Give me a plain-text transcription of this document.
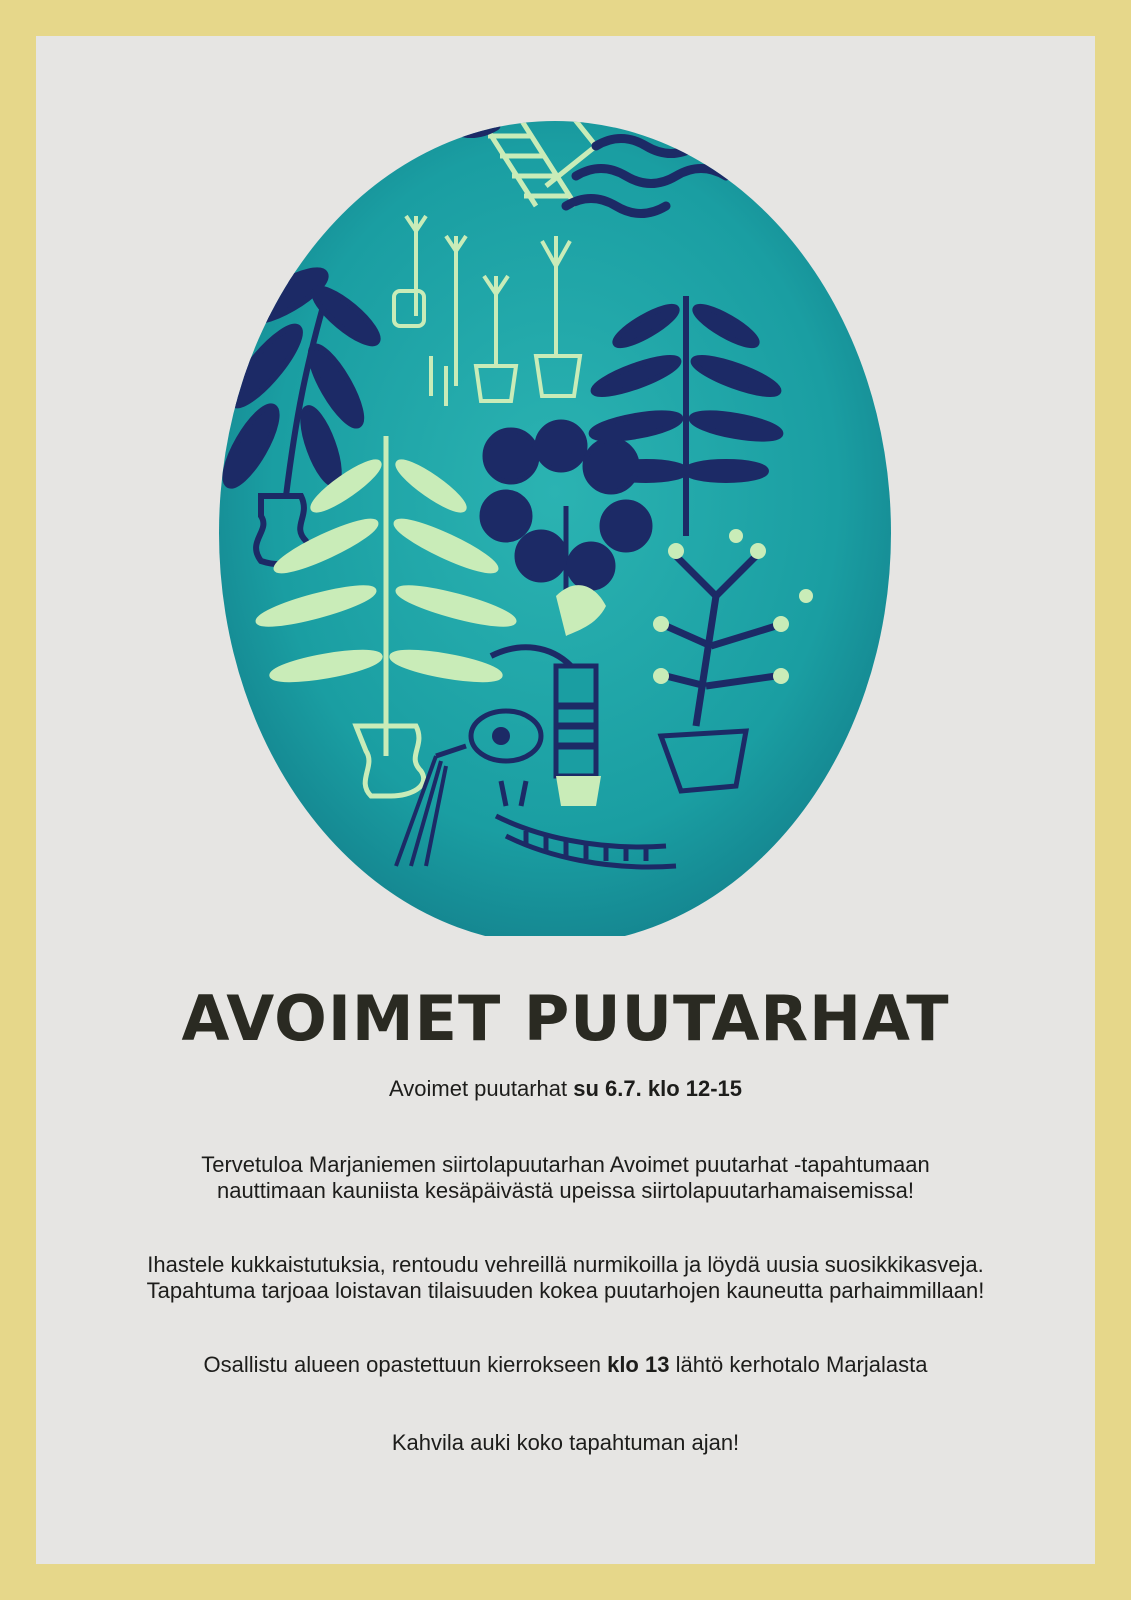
AVOIMET PUUTARHAT
Avoimet puutarhat su 6.7. klo 12-15
Tervetuloa Marjaniemen siirtolapuutarhan Avoimet puutarhat -tapahtumaan
nauttimaan kauniista kesäpäivästä upeissa siirtolapuutarhamaisemissa!
Ihastele kukkaistutuksia, rentoudu vehreillä nurmikoilla ja löydä uusia suosikkikasveja.
Tapahtuma tarjoaa loistavan tilaisuuden kokea puutarhojen kauneutta parhaimmillaan!
Osallistu alueen opastettuun kierrokseen klo 13 lähtö kerhotalo Marjalasta
Kahvila auki koko tapahtuman ajan!
